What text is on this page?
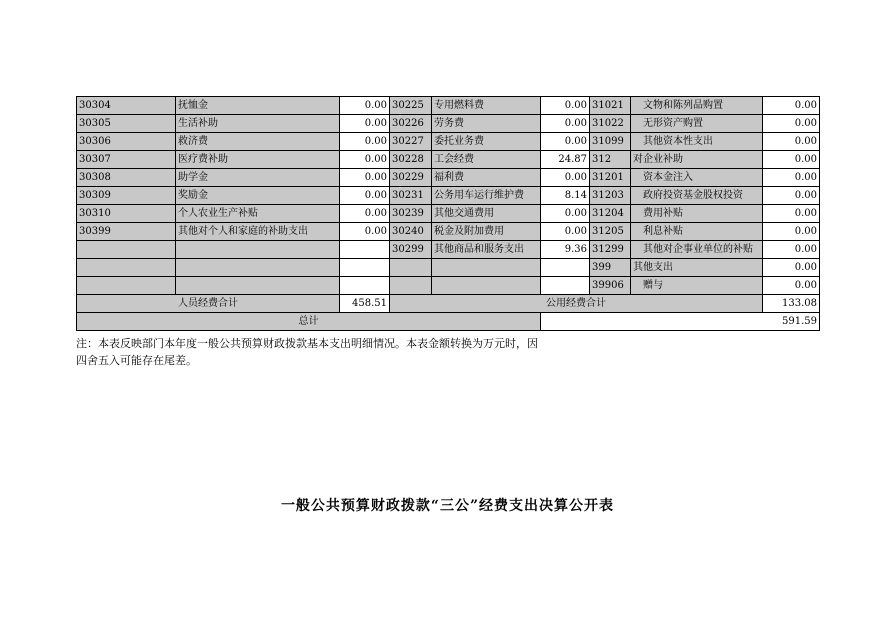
30304	抚恤金	0.00	30225	专用燃料费	0.00	31021	文物和陈列品购置	0.00
30305	生活补助	0.00	30226	劳务费	0.00	31022	无形资产购置	0.00
30306	救济费	0.00	30227	委托业务费	0.00	31099	其他资本性支出	0.00
30307	医疗费补助	0.00	30228	工会经费	24.87	312	对企业补助	0.00
30308	助学金	0.00	30229	福利费	0.00	31201	资本金注入	0.00
30309	奖励金	0.00	30231	公务用车运行维护费	8.14	31203	政府投资基金股权投资	0.00
30310	个人农业生产补贴	0.00	30239	其他交通费用	0.00	31204	费用补贴	0.00
30399	其他对个人和家庭的补助支出	0.00	30240	税金及附加费用	0.00	31205	利息补贴	0.00
			30299	其他商品和服务支出	9.36	31299	其他对企事业单位的补贴	0.00
						399	其他支出	0.00
						39906	赠与	0.00
人员经费合计		458.51	公用经费合计					133.08
总计					591.59			
注：本表反映部门本年度一般公共预算财政拨款基本支出明细情况。本表金额转换为万元时，因四舍五入可能存在尾差。
一般公共预算财政拨款“三公”经费支出决算公开表
